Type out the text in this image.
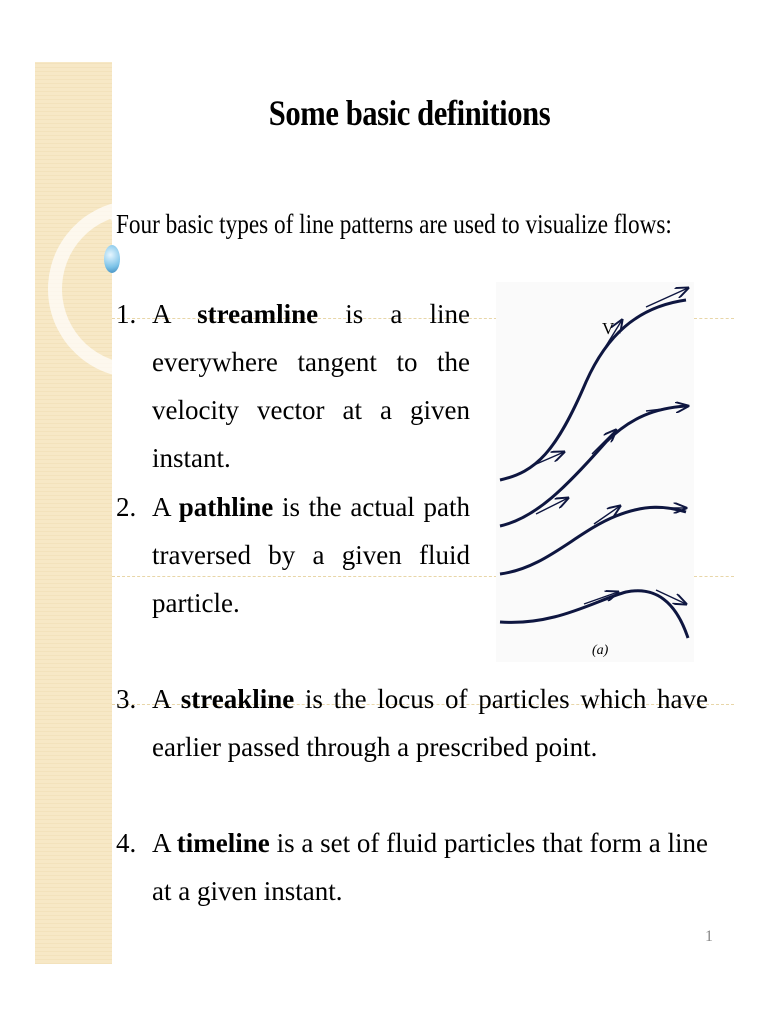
Some basic definitions
Four basic types of line patterns are used to visualize flows:
1. A streamline is a line everywhere tangent to the velocity vector at a given instant.
2. A pathline is the actual path traversed by a given fluid particle.
3. A streakline is the locus of particles which have earlier passed through a prescribed point.
4. A timeline is a set of fluid particles that form a line at a given instant.
V
(a)
1
